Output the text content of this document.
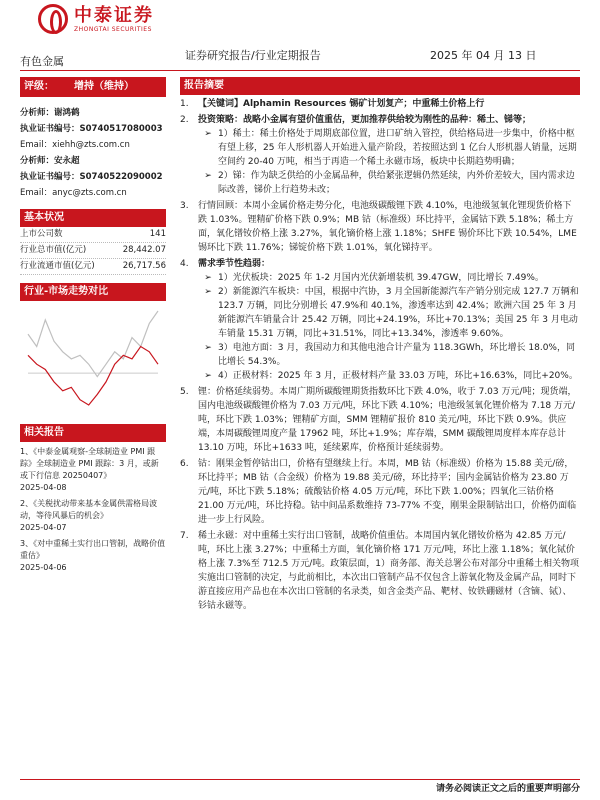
中泰证券
ZHONGTAI SECURITIES
有色金属	证券研究报告/行业定期报告	2025 年 04 月 13 日
评级： 增持（维持）
分析师：谢鸿鹤
执业证书编号：S0740517080003
Email：xiehh@zts.com.cn
分析师：安永超
执业证书编号：S0740522090002
Email：anyc@zts.com.cn
基本状况
上市公司数	141
行业总市值(亿元)	28,442.07
行业流通市值(亿元)	26,717.56
行业-市场走势对比
相关报告
1、《中泰金属观察-全球制造业 PMI 跟踪》全球制造业 PMI 跟踪：3 月，或新或下行信息 20250407》
2025-04-08
2、《关税扰动带来基本金属供需格局波动，等待风暴后的机会》
2025-04-07
3、《对中重稀土实行出口管制，战略价值重估》
2025-04-06
报告摘要
1.	【关键词】Alphamin Resources 锡矿计划复产；中重稀土价格上行
2.	投资策略：战略小金属有望价值重估，更加推荐供给较为刚性的品种：稀土、锑等；
➢ 1）稀土：稀土价格处于周期底部位置，进口矿纳入管控，供给格局进一步集中，价格中枢有望上移，25 年人形机器人开始进入量产阶段，若按照达到 1 亿台人形机器人销量，远期空间约 20-40 万吨，相当于再造一个稀土永磁市场，板块中长期趋势明确；
➢ 2）锑：作为缺乏供给的小金属品种，供给紧张逻辑仍然延续，内外价差较大，国内需求边际改善，锑价上行趋势未改；
3.	行情回顾：本周小金属价格走势分化，电池级碳酸锂下跌 4.10%，电池级氢氧化锂现货价格下跌 1.03%。锂精矿价格下跌 0.9%；MB 钴（标准级）环比持平，金属钴下跌 5.18%；稀土方面，氧化镨钕价格上涨 3.27%，氧化镝价格上涨 1.18%；SHFE 锡价环比下跌 10.54%，LME 锡环比下跌 11.76%；锑锭价格下跌 1.01%，氧化锑持平。
4.	需求季节性趋弱：
➢ 1）光伏板块：2025 年 1-2 月国内光伏新增装机 39.47GW，同比增长 7.49%。
➢ 2）新能源汽车板块：中国，根据中汽协，3 月全国新能源汽车产销分别完成 127.7 万辆和 123.7 万辆，同比分别增长 47.9%和 40.1%，渗透率达到 42.4%；欧洲六国 25 年 3 月新能源汽车销量合计 25.42 万辆，同比+24.19%，环比+70.13%；美国 25 年 3 月电动车销量 15.31 万辆，同比+31.51%，同比+13.34%，渗透率 9.60%。
➢ 3）电池方面：3 月，我国动力和其他电池合计产量为 118.3GWh，环比增长 18.0%，同比增长 54.3%。
➢ 4）正极材料：2025 年 3 月，正极材料产量 33.03 万吨，环比+16.63%，同比+20%。
5.	锂：价格延续弱势。本周广期所碳酸锂期货指数环比下跌 4.0%，收于 7.03 万元/吨；现货端，国内电池级碳酸锂价格为 7.03 万元/吨，环比下跌 4.10%；电池级氢氧化锂价格为 7.18 万元/吨，环比下跌 1.03%；锂精矿方面，SMM 锂精矿报价 810 美元/吨，环比下跌 0.9%。供应端，本周碳酸锂周度产量 17962 吨，环比+1.9%；库存端，SMM 碳酸锂周度样本库存总计 13.10 万吨，环比+1633 吨，延续累库，价格预计延续弱势。
6.	钴：刚果金暂停钴出口，价格有望继续上行。本周，MB 钴（标准级）价格为 15.88 美元/磅，环比持平；MB 钴（合金级）价格为 19.88 美元/磅，环比持平；国内金属钴价格为 23.80 万元/吨，环比下跌 5.18%；硫酸钴价格 4.05 万元/吨，环比下跌 1.00%；四氧化三钴价格 21.00 万元/吨，环比持稳。钴中间品系数维持 73-77% 不变，刚果金限制钴出口，价格仍面临进一步上行风险。
7.	稀土永磁：对中重稀土实行出口管制，战略价值重估。本周国内氧化镨钕价格为 42.85 万元/吨，环比上涨 3.27%；中重稀土方面，氧化镝价格 171 万元/吨，环比上涨 1.18%；氧化铽价格上涨 7.3%至 712.5 万元/吨。政策层面，1）商务部、海关总署公布对部分中重稀土相关物项实施出口管制的决定，与此前相比，本次出口管制产品不仅包含上游氧化物及金属产品，同时下游直接应用产品也在本次出口管制的名录类，如含金类产品、靶材、钕铁硼磁材（含镝、铽）、钐钴永磁等。
请务必阅读正文之后的重要声明部分
